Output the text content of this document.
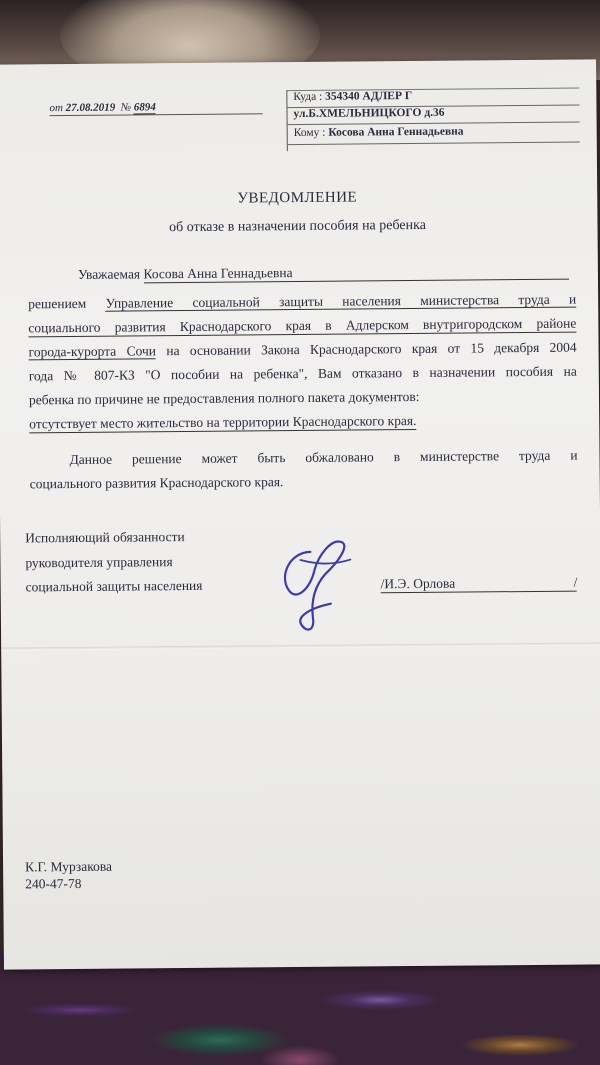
от 27.08.2019 № 6894
Куда : 354340 АДЛЕР Г
ул.Б.ХМЕЛЬНИЦКОГО д.36
Кому : Косова Анна Геннадьевна
УВЕДОМЛЕНИЕ
об отказе в назначении пособия на ребенка
Уважаемая Косова Анна Геннадьевна
решением Управление социальной защиты населения министерства труда и
социального развития Краснодарского края в Адлерском внутригородском районе
города-курорта Сочи на основании Закона Краснодарского края от 15 декабря 2004
года № 807-КЗ "О пособии на ребенка", Вам отказано в назначении пособия на
ребенка по причине не предоставления полного пакета документов:
отсутствует место жительство на территории Краснодарского края.
Данное решение может быть обжаловано в министерстве труда и
социального развития Краснодарского края.
Исполняющий обязанности
руководителя управления
социальной защиты населения	/И.Э. Орлова	/
К.Г. Мурзакова
240-47-78
